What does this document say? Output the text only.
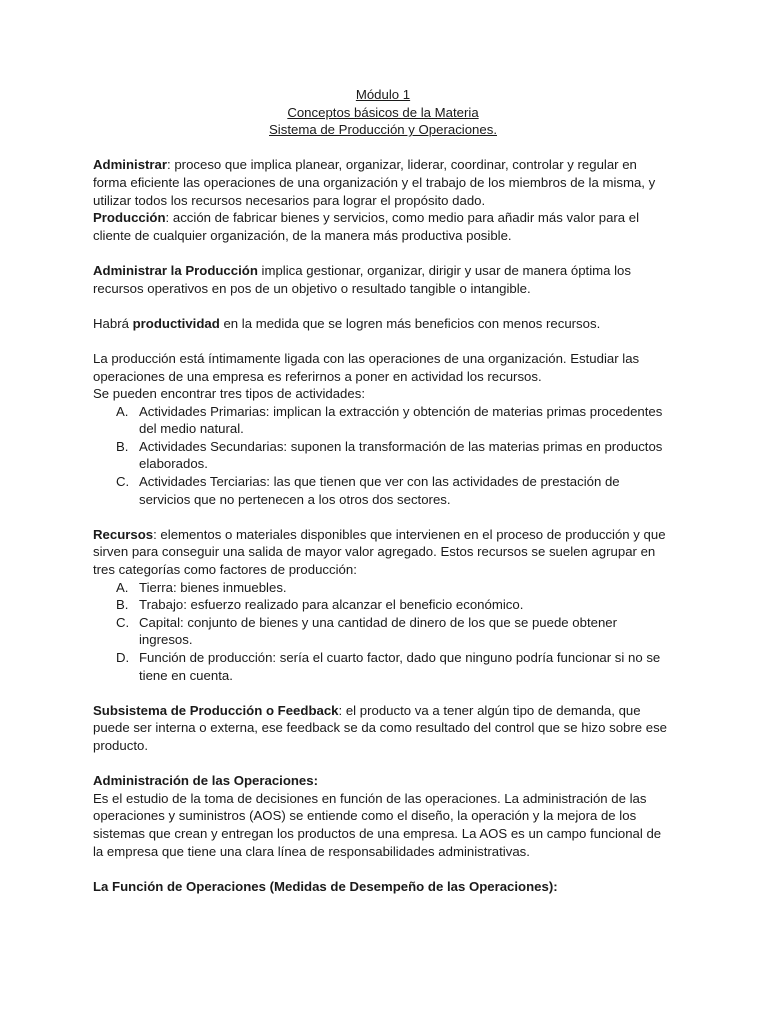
Módulo 1

Conceptos básicos de la Materia

Sistema de Producción y Operaciones.

Administrar: proceso que implica planear, organizar, liderar, coordinar, controlar y regular en forma eficiente las operaciones de una organización y el trabajo de los miembros de la misma, y utilizar todos los recursos necesarios para lograr el propósito dado.

Producción: acción de fabricar bienes y servicios, como medio para añadir más valor para el cliente de cualquier organización, de la manera más productiva posible.

Administrar la Producción implica gestionar, organizar, dirigir y usar de manera óptima los recursos operativos en pos de un objetivo o resultado tangible o intangible.

Habrá productividad en la medida que se logren más beneficios con menos recursos.

La producción está íntimamente ligada con las operaciones de una organización. Estudiar las operaciones de una empresa es referirnos a poner en actividad los recursos.

Se pueden encontrar tres tipos de actividades:

A. Actividades Primarias: implican la extracción y obtención de materias primas procedentes del medio natural.
B. Actividades Secundarias: suponen la transformación de las materias primas en productos elaborados.
C. Actividades Terciarias: las que tienen que ver con las actividades de prestación de servicios que no pertenecen a los otros dos sectores.

Recursos: elementos o materiales disponibles que intervienen en el proceso de producción y que sirven para conseguir una salida de mayor valor agregado. Estos recursos se suelen agrupar en tres categorías como factores de producción:

A. Tierra: bienes inmuebles.
B. Trabajo: esfuerzo realizado para alcanzar el beneficio económico.
C. Capital: conjunto de bienes y una cantidad de dinero de los que se puede obtener ingresos.
D. Función de producción: sería el cuarto factor, dado que ninguno podría funcionar si no se tiene en cuenta.

Subsistema de Producción o Feedback: el producto va a tener algún tipo de demanda, que puede ser interna o externa, ese feedback se da como resultado del control que se hizo sobre ese producto.

Administración de las Operaciones:

Es el estudio de la toma de decisiones en función de las operaciones. La administración de las operaciones y suministros (AOS) se entiende como el diseño, la operación y la mejora de los sistemas que crean y entregan los productos de una empresa. La AOS es un campo funcional de la empresa que tiene una clara línea de responsabilidades administrativas.

La Función de Operaciones (Medidas de Desempeño de las Operaciones):
